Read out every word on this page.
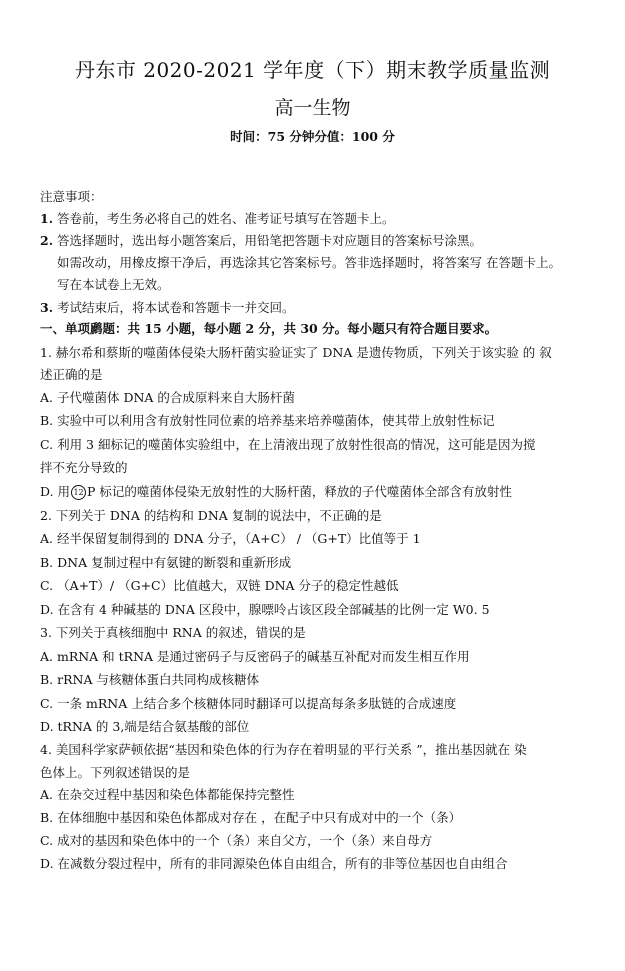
丹东市 2020-2021 学年度（下）期末教学质量监测
高一生物
时间：75 分钟分值：100 分
注意事项：
1. 答卷前，考生务必将自己的姓名、准考证号填写在答题卡上。
2. 答选择题时，选出每小题答案后，用铅笔把答题卡对应题目的答案标号涂黑。
如需改动，用橡皮擦干净后，再选涂其它答案标号。答非选择题时，将答案写 在答题卡上。
写在本试卷上无效。
3. 考试结束后，将本试卷和答题卡一并交回。
一、单项䴘题：共 15 小题，每小题 2 分，共 30 分。每小题只有符合题目要求。
1. 赫尔希和蔡斯的噬菌体侵染大肠杆菌实验证实了 DNA 是遗传物质，下列关于该实验 的 叙
述正确的是
A. 子代噬菌体 DNA 的合成原料来自大肠杆菌
B. 实验中可以利用含有放射性同位素的培养基来培养噬菌体，使其带上放射性标记
C. 利用 3 細标记的噬菌体实验组中，在上清液出现了放射性很高的情况，这可能是因为搅
拌不充分导致的
D. 用 12 P 标记的噬菌体侵染无放射性的大肠杆菌，释放的子代噬菌体全部含有放射性
2. 下列关于 DNA 的结构和 DNA 复制的说法中，不正确的是
A. 经半保留复制得到的 DNA 分子，（A+C） / （G+T）比值等于 1
B. DNA 复制过程中有氨键的断裂和重新形成
C. （A+T）/ （G+C）比值越大，双链 DNA 分子的稳定性越低
D. 在含有 4 种碱基的 DNA 区段中，腺嘌呤占该区段全部碱基的比例一定 W0. 5
3. 下列关于真核细胞中 RNA 的叙述，错误的是
A. mRNA 和 tRNA 是通过密码子与反密码子的碱基互补配对而发生相互作用
B. rRNA 与核糖体蛋白共同构成核糖体
C. 一条 mRNA 上结合多个核糖体同时翻译可以提高每条多肽链的合成速度
D. tRNA 的 3,端是结合氨基酸的部位
4. 美国科学家萨顿依据“基因和染色体的行为存在着明显的平行关系 ”，推出基因就在 染
色体上。下列叙述错误的是
A. 在杂交过程中基因和染色体都能保持完整性
B. 在体细胞中基因和染色体都成对存在 ，在配子中只有成对中的一个（条）
C. 成对的基因和染色体中的一个（条）来自父方，一个（条）来自母方
D. 在减数分裂过程中，所有的非同源染色体自由组合，所有的非等位基因也自由组合
